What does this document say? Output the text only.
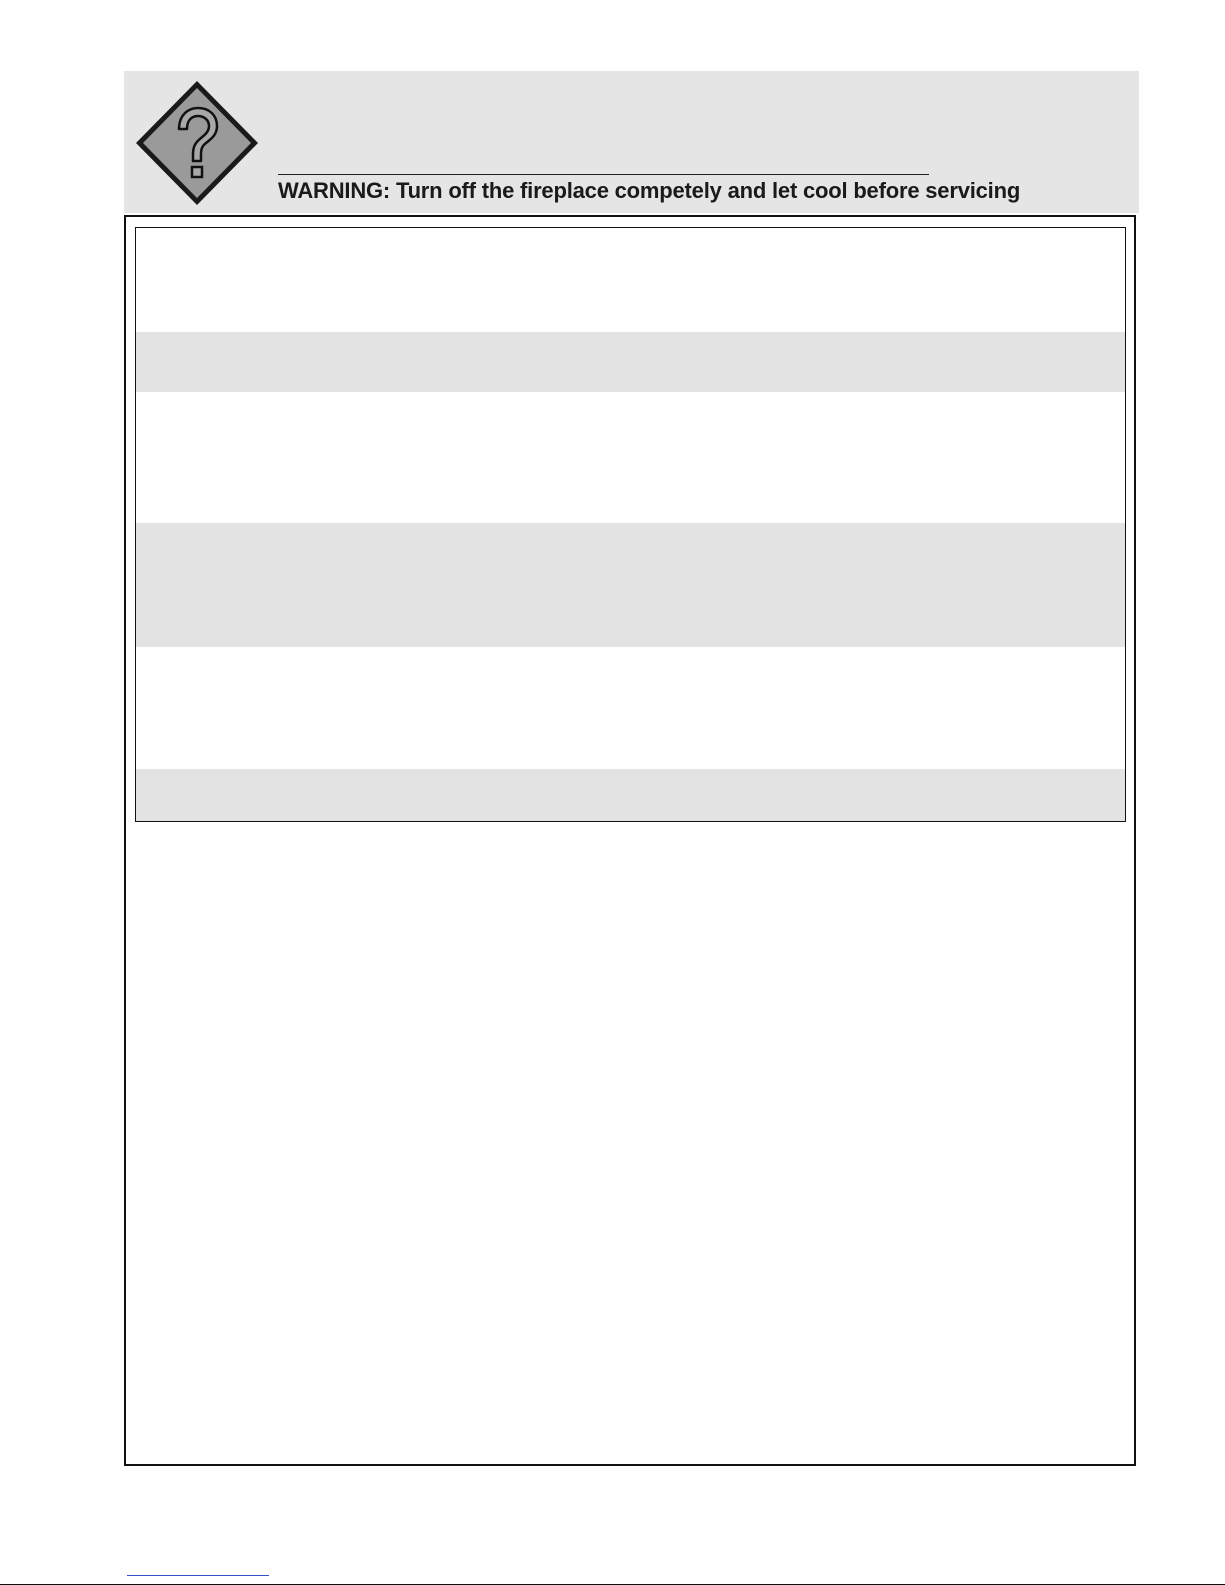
WARNING: Turn off the fireplace competely and let cool before servicing
